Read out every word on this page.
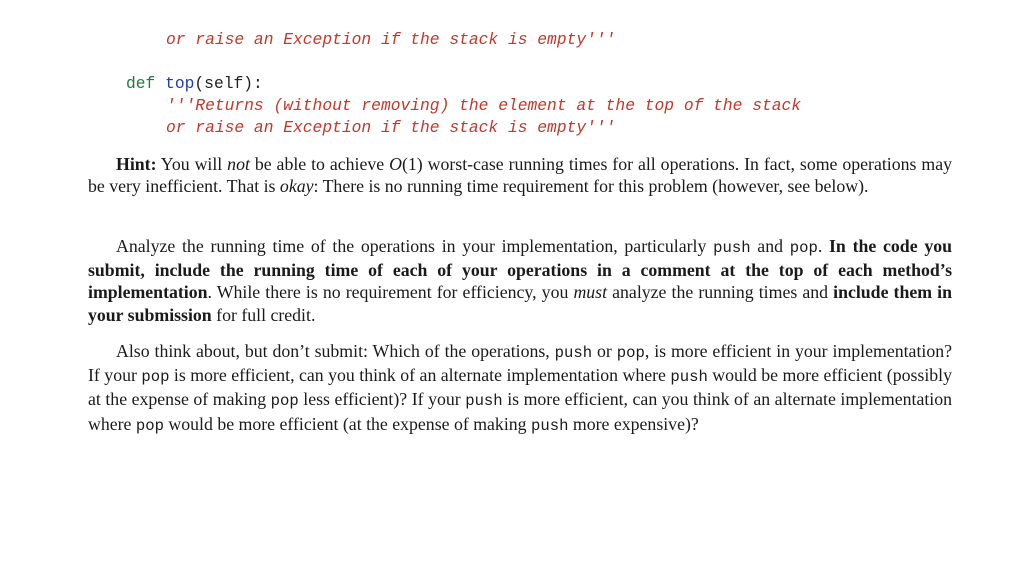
or raise an Exception if the stack is empty'''
def top(self):
'''Returns (without removing) the element at the top of the stack
or raise an Exception if the stack is empty'''

Hint: You will not be able to achieve O(1) worst-case running times for all operations. In fact, some operations may be very inefficient. That is okay: There is no running time requirement for this problem (however, see below).

Analyze the running time of the operations in your implementation, particularly push and pop. In the code you submit, include the running time of each of your operations in a comment at the top of each method’s implementation. While there is no requirement for efficiency, you must analyze the running times and include them in your submission for full credit.

Also think about, but don’t submit: Which of the operations, push or pop, is more efficient in your implementation? If your pop is more efficient, can you think of an alternate implementation where push would be more efficient (possibly at the expense of making pop less efficient)? If your push is more efficient, can you think of an alternate implementation where pop would be more efficient (at the expense of making push more expensive)?
